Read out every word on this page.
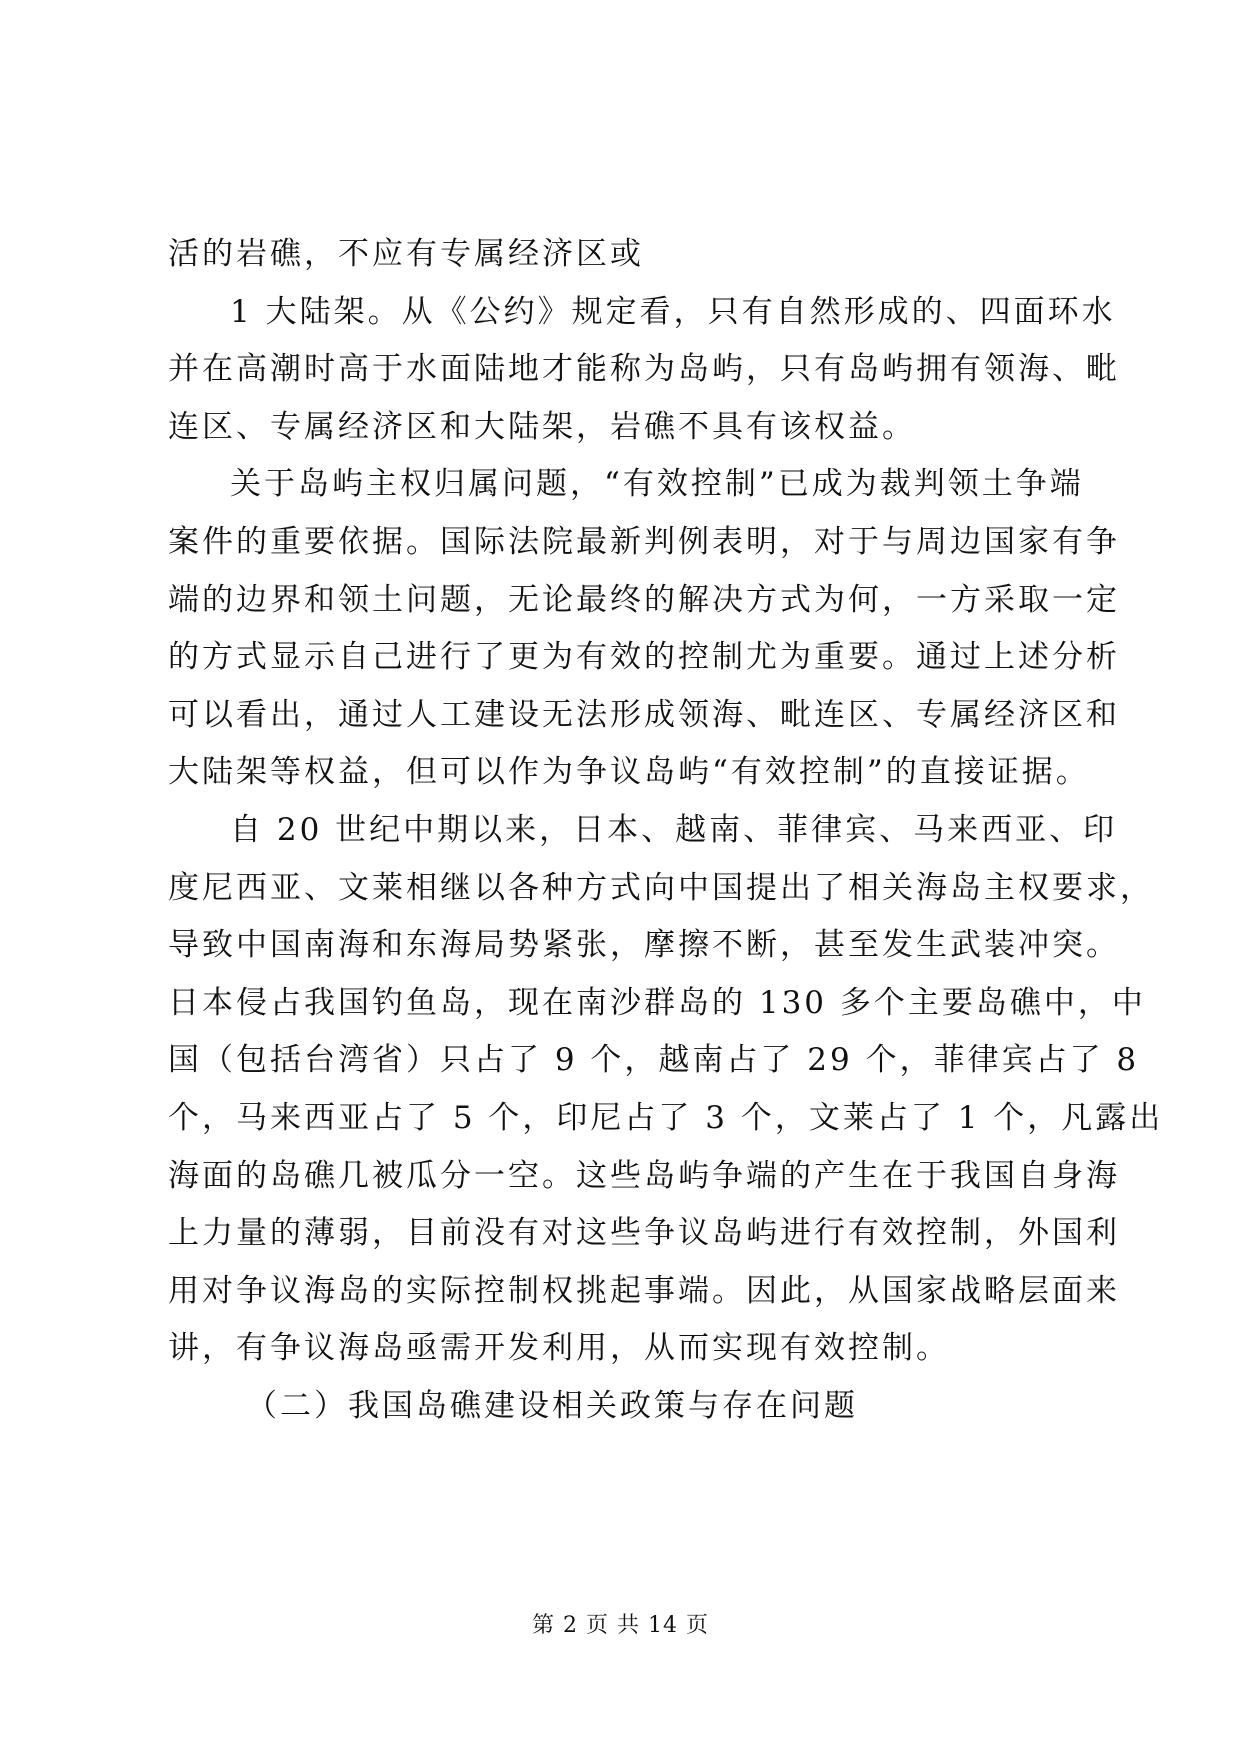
活的岩礁，不应有专属经济区或
1 大陆架。从《公约》规定看，只有自然形成的、四面环水
并在高潮时高于水面陆地才能称为岛屿，只有岛屿拥有领海、毗
连区、专属经济区和大陆架，岩礁不具有该权益。
关于岛屿主权归属问题，“有效控制”已成为裁判领土争端
案件的重要依据。国际法院最新判例表明，对于与周边国家有争
端的边界和领土问题，无论最终的解决方式为何，一方采取一定
的方式显示自己进行了更为有效的控制尤为重要。通过上述分析
可以看出，通过人工建设无法形成领海、毗连区、专属经济区和
大陆架等权益，但可以作为争议岛屿“有效控制”的直接证据。
自 20 世纪中期以来，日本、越南、菲律宾、马来西亚、印
度尼西亚、文莱相继以各种方式向中国提出了相关海岛主权要求，
导致中国南海和东海局势紧张，摩擦不断，甚至发生武装冲突。
日本侵占我国钓鱼岛，现在南沙群岛的 130 多个主要岛礁中，中
国（包括台湾省）只占了 9 个，越南占了 29 个，菲律宾占了 8
个，马来西亚占了 5 个，印尼占了 3 个，文莱占了 1 个，凡露出
海面的岛礁几被瓜分一空。这些岛屿争端的产生在于我国自身海
上力量的薄弱，目前没有对这些争议岛屿进行有效控制，外国利
用对争议海岛的实际控制权挑起事端。因此，从国家战略层面来
讲，有争议海岛亟需开发利用，从而实现有效控制。
（二）我国岛礁建设相关政策与存在问题
第 2 页 共 14 页
